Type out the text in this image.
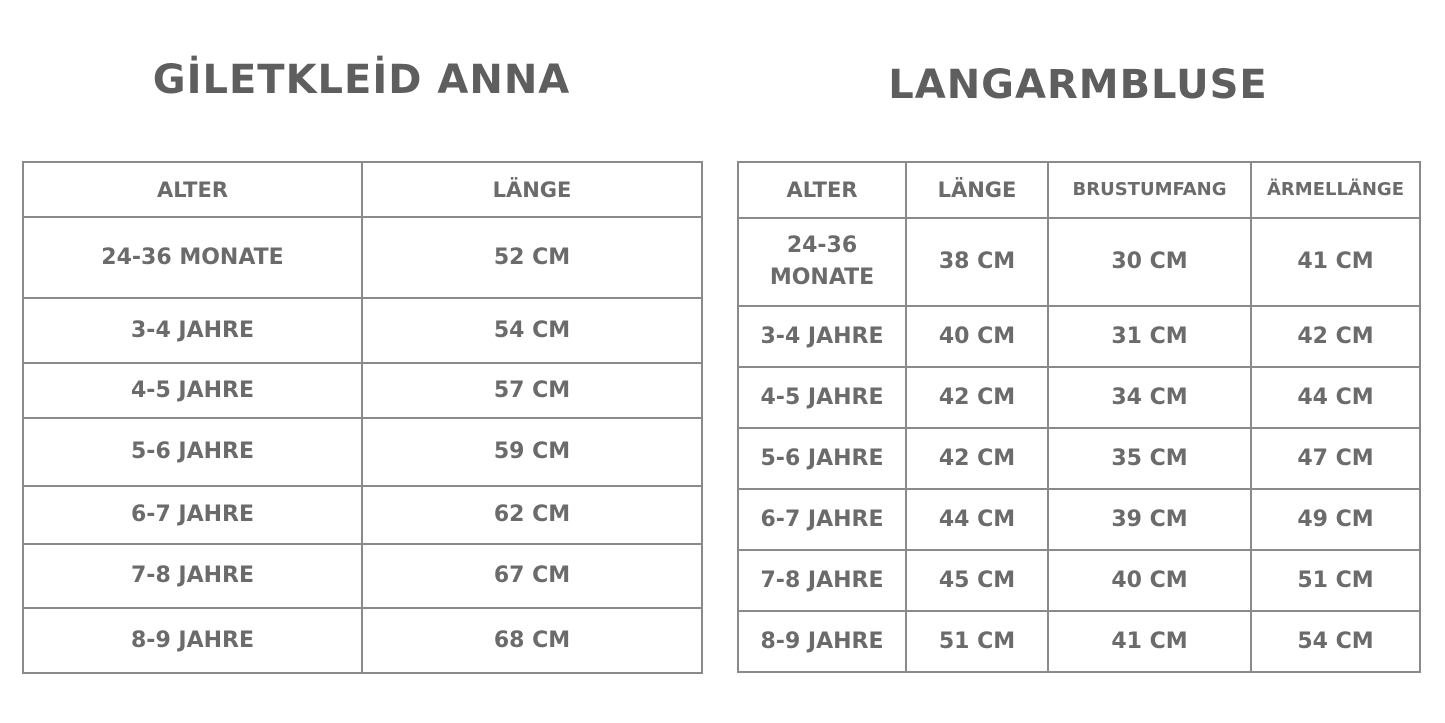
GİLETKLEİD ANNA	LANGARMBLUSE
ALTER	LÄNGE
24-36 MONATE	52 CM
3-4 JAHRE	54 CM
4-5 JAHRE	57 CM
5-6 JAHRE	59 CM
6-7 JAHRE	62 CM
7-8 JAHRE	67 CM
8-9 JAHRE	68 CM
ALTER	LÄNGE	BRUSTUMFANG	ÄRMELLÄNGE
24-36 MONATE	38 CM	30 CM	41 CM
3-4 JAHRE	40 CM	31 CM	42 CM
4-5 JAHRE	42 CM	34 CM	44 CM
5-6 JAHRE	42 CM	35 CM	47 CM
6-7 JAHRE	44 CM	39 CM	49 CM
7-8 JAHRE	45 CM	40 CM	51 CM
8-9 JAHRE	51 CM	41 CM	54 CM
